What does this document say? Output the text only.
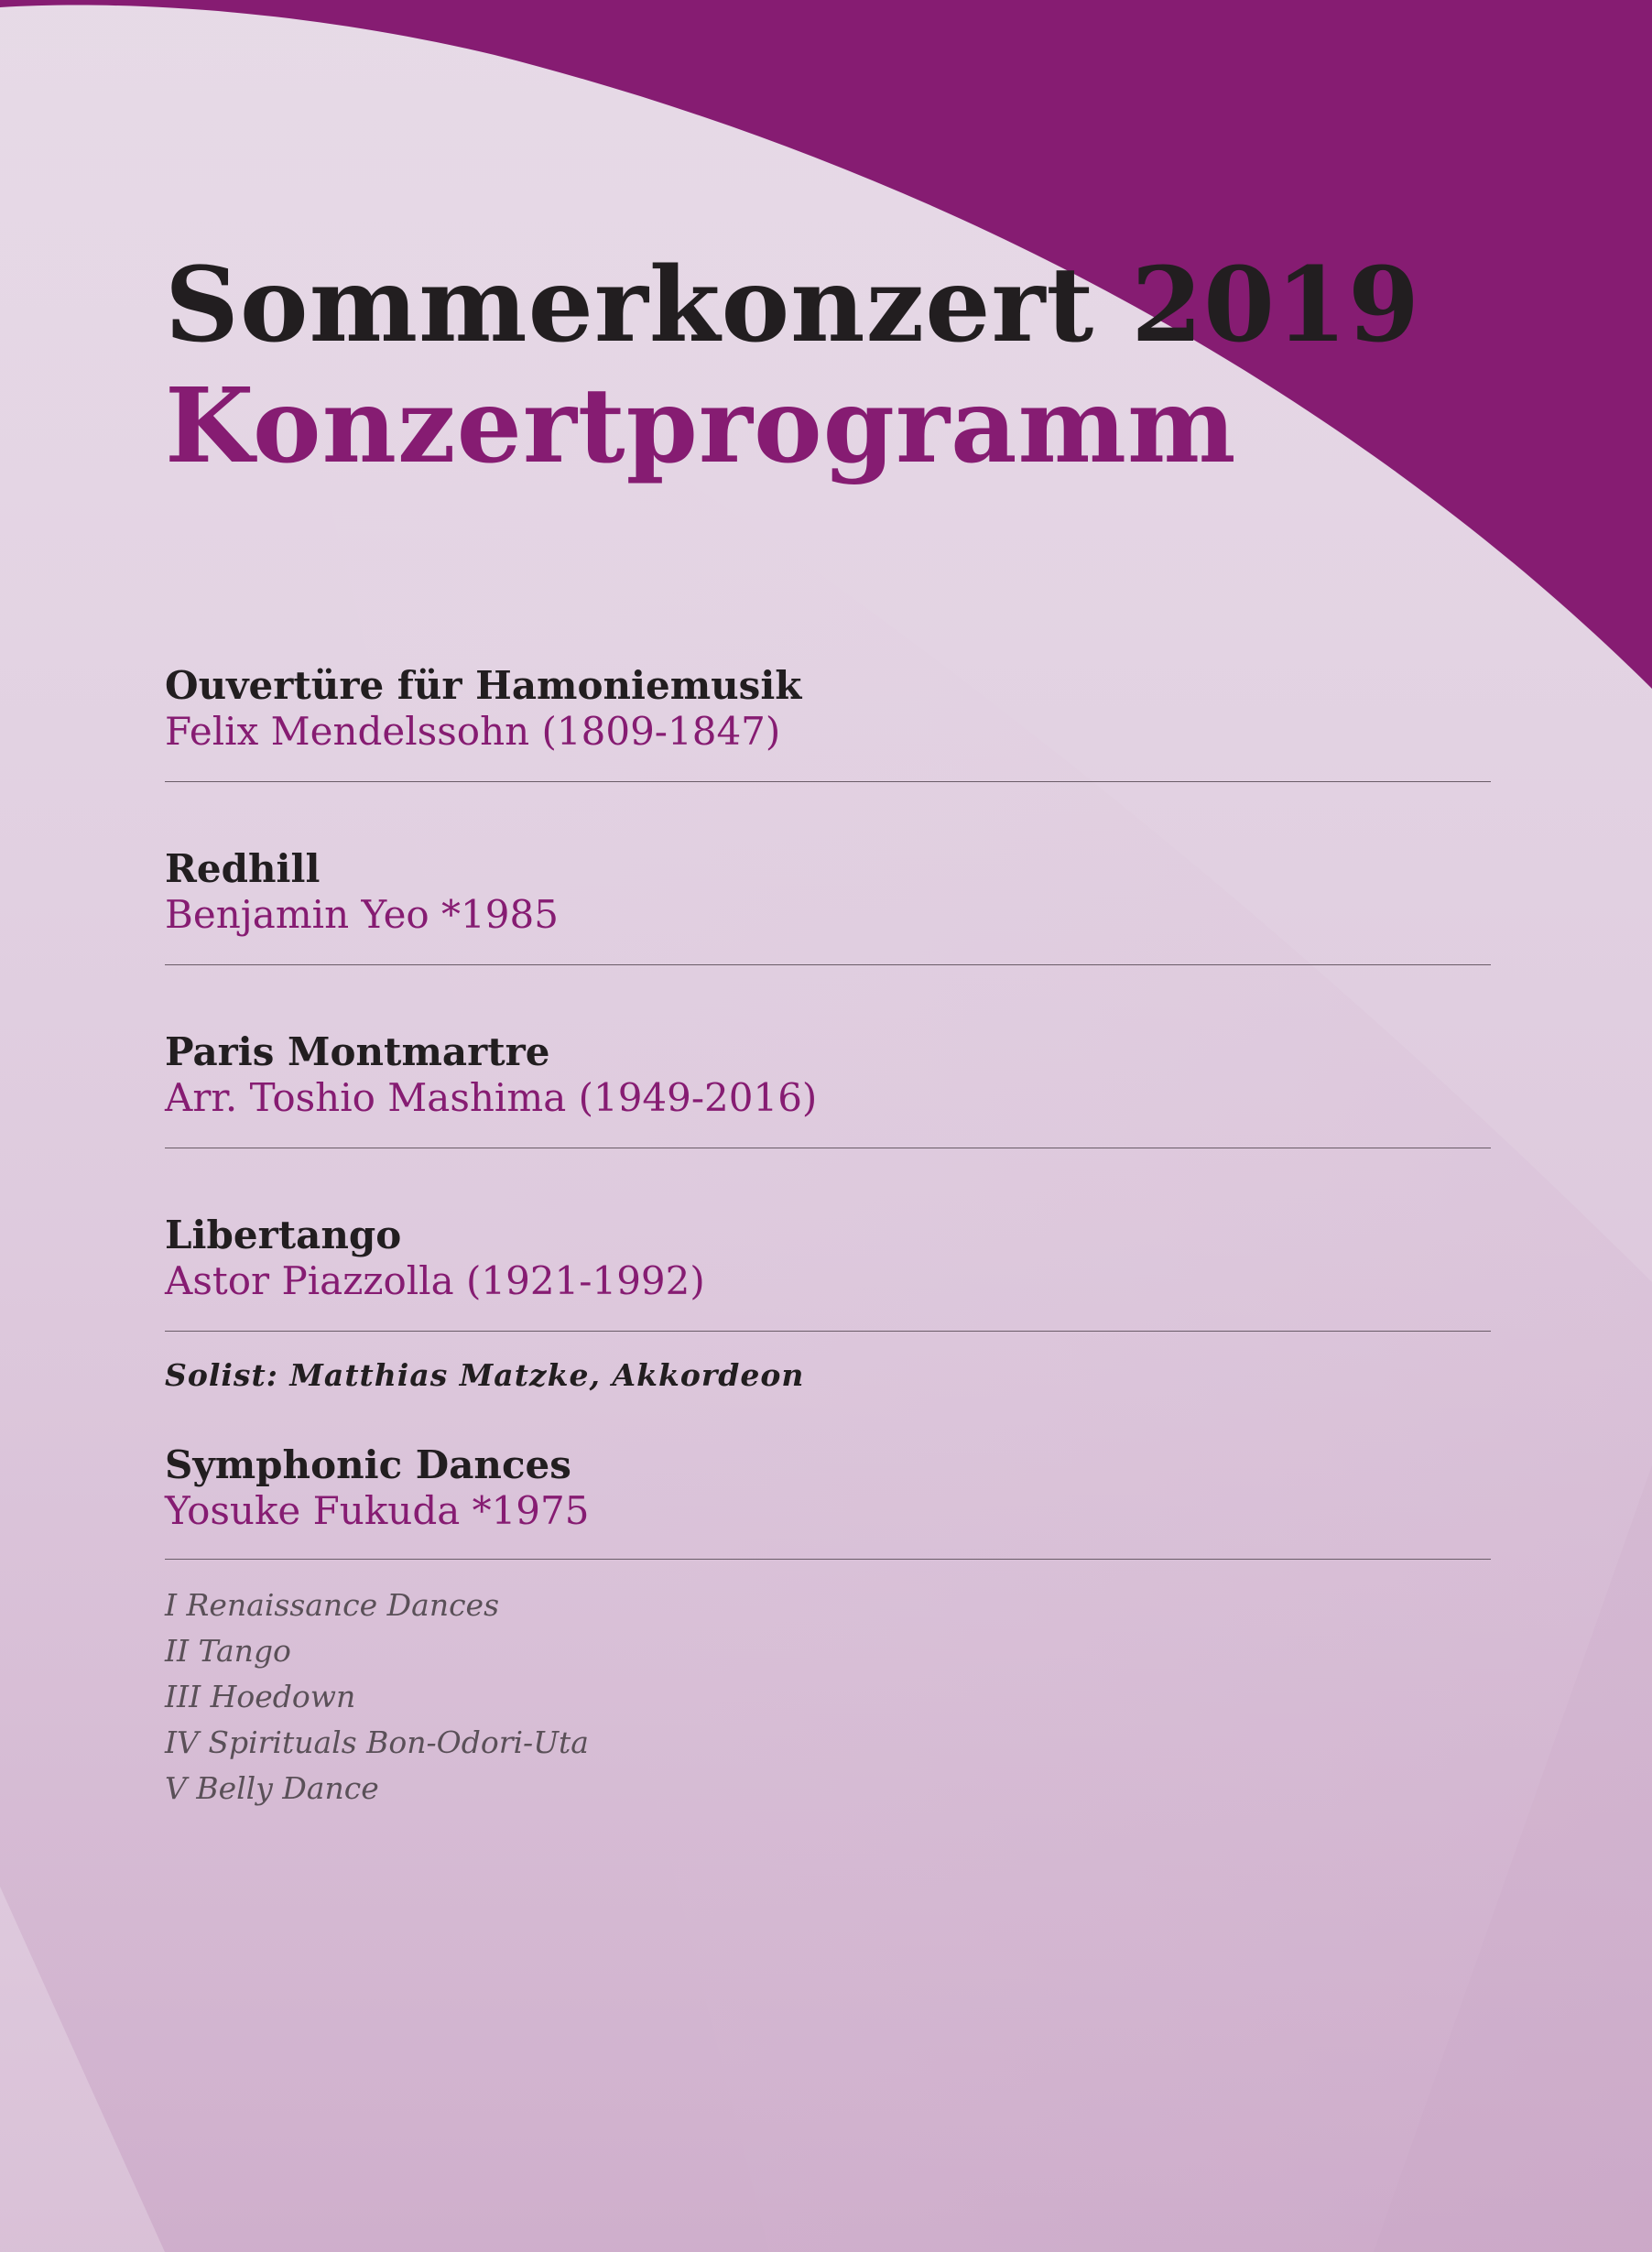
Sommerkonzert 2019
Konzertprogramm
Ouvertüre für Hamoniemusik
Felix Mendelssohn (1809-1847)
Redhill
Benjamin Yeo *1985
Paris Montmartre
Arr. Toshio Mashima (1949-2016)
Libertango
Astor Piazzolla (1921-1992)
Solist: Matthias Matzke, Akkordeon
Symphonic Dances
Yosuke Fukuda *1975
I Renaissance Dances
II Tango
III Hoedown
IV Spirituals Bon-Odori-Uta
V Belly Dance
